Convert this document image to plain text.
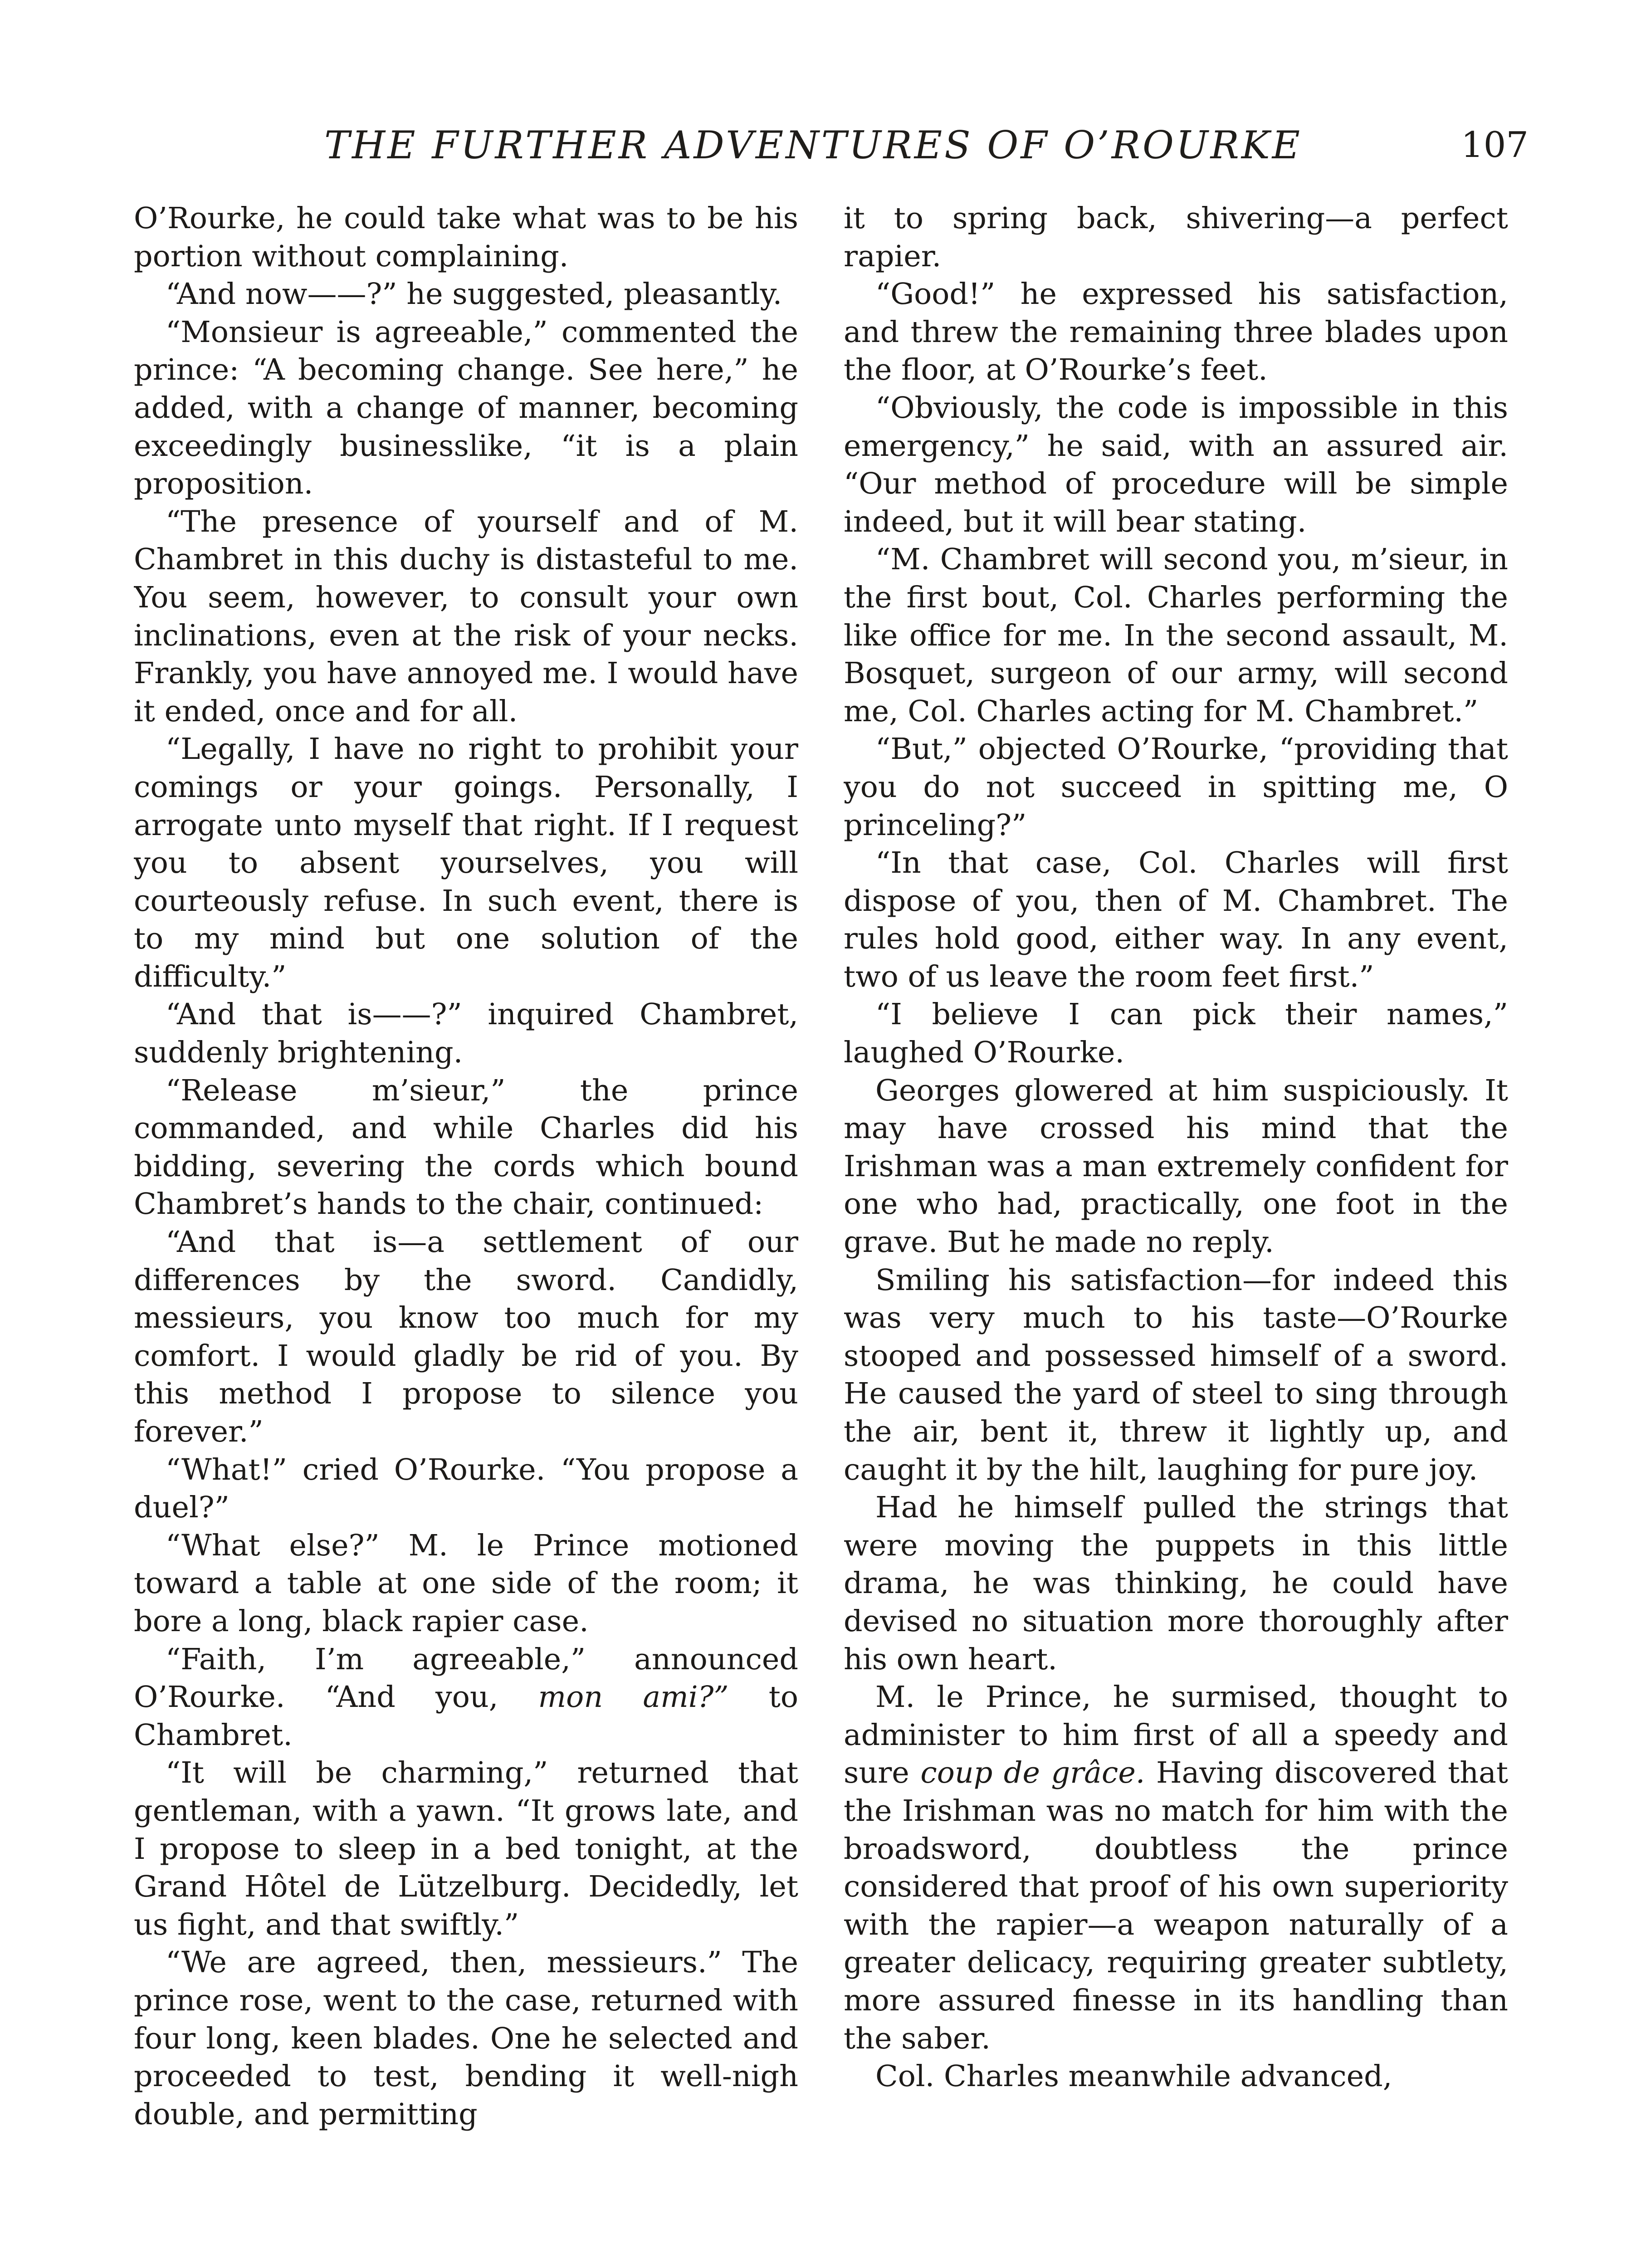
THE FURTHER ADVENTURES OF O’ROURKE	107

O’Rourke, he could take what was to be his portion without complaining.

“And now——?” he suggested, pleasantly.

“Monsieur is agreeable,” commented the prince: “A becoming change. See here,” he added, with a change of manner, becoming exceedingly businesslike, “it is a plain proposition.

“The presence of yourself and of M. Chambret in this duchy is distasteful to me. You seem, however, to consult your own inclinations, even at the risk of your necks. Frankly, you have annoyed me. I would have it ended, once and for all.

“Legally, I have no right to prohibit your comings or your goings. Personally, I arrogate unto myself that right. If I request you to absent yourselves, you will courteously refuse. In such event, there is to my mind but one solution of the difficulty.”

“And that is——?” inquired Chambret, suddenly brightening.

“Release m’sieur,” the prince commanded, and while Charles did his bidding, severing the cords which bound Chambret’s hands to the chair, continued:

“And that is—a settlement of our differences by the sword. Candidly, messieurs, you know too much for my comfort. I would gladly be rid of you. By this method I propose to silence you forever.”

“What!” cried O’Rourke. “You propose a duel?”

“What else?” M. le Prince motioned toward a table at one side of the room; it bore a long, black rapier case.

“Faith, I’m agreeable,” announced O’Rourke. “And you, mon ami?” to Chambret.

“It will be charming,” returned that gentleman, with a yawn. “It grows late, and I propose to sleep in a bed tonight, at the Grand Hôtel de Lützelburg. Decidedly, let us fight, and that swiftly.”

“We are agreed, then, messieurs.” The prince rose, went to the case, returned with four long, keen blades. One he selected and proceeded to test, bending it well-nigh double, and permitting

it to spring back, shivering—a perfect rapier.

“Good!” he expressed his satisfaction, and threw the remaining three blades upon the floor, at O’Rourke’s feet.

“Obviously, the code is impossible in this emergency,” he said, with an assured air. “Our method of procedure will be simple indeed, but it will bear stating.

“M. Chambret will second you, m’sieur, in the first bout, Col. Charles performing the like office for me. In the second assault, M. Bosquet, surgeon of our army, will second me, Col. Charles acting for M. Chambret.”

“But,” objected O’Rourke, “providing that you do not succeed in spitting me, O princeling?”

“In that case, Col. Charles will first dispose of you, then of M. Chambret. The rules hold good, either way. In any event, two of us leave the room feet first.”

“I believe I can pick their names,” laughed O’Rourke.

Georges glowered at him suspiciously. It may have crossed his mind that the Irishman was a man extremely confident for one who had, practically, one foot in the grave. But he made no reply.

Smiling his satisfaction—for indeed this was very much to his taste—O’Rourke stooped and possessed himself of a sword. He caused the yard of steel to sing through the air, bent it, threw it lightly up, and caught it by the hilt, laughing for pure joy.

Had he himself pulled the strings that were moving the puppets in this little drama, he was thinking, he could have devised no situation more thoroughly after his own heart.

M. le Prince, he surmised, thought to administer to him first of all a speedy and sure coup de grâce. Having discovered that the Irishman was no match for him with the broadsword, doubtless the prince considered that proof of his own superiority with the rapier—a weapon naturally of a greater delicacy, requiring greater subtlety, more assured finesse in its handling than the saber.

Col. Charles meanwhile advanced,
